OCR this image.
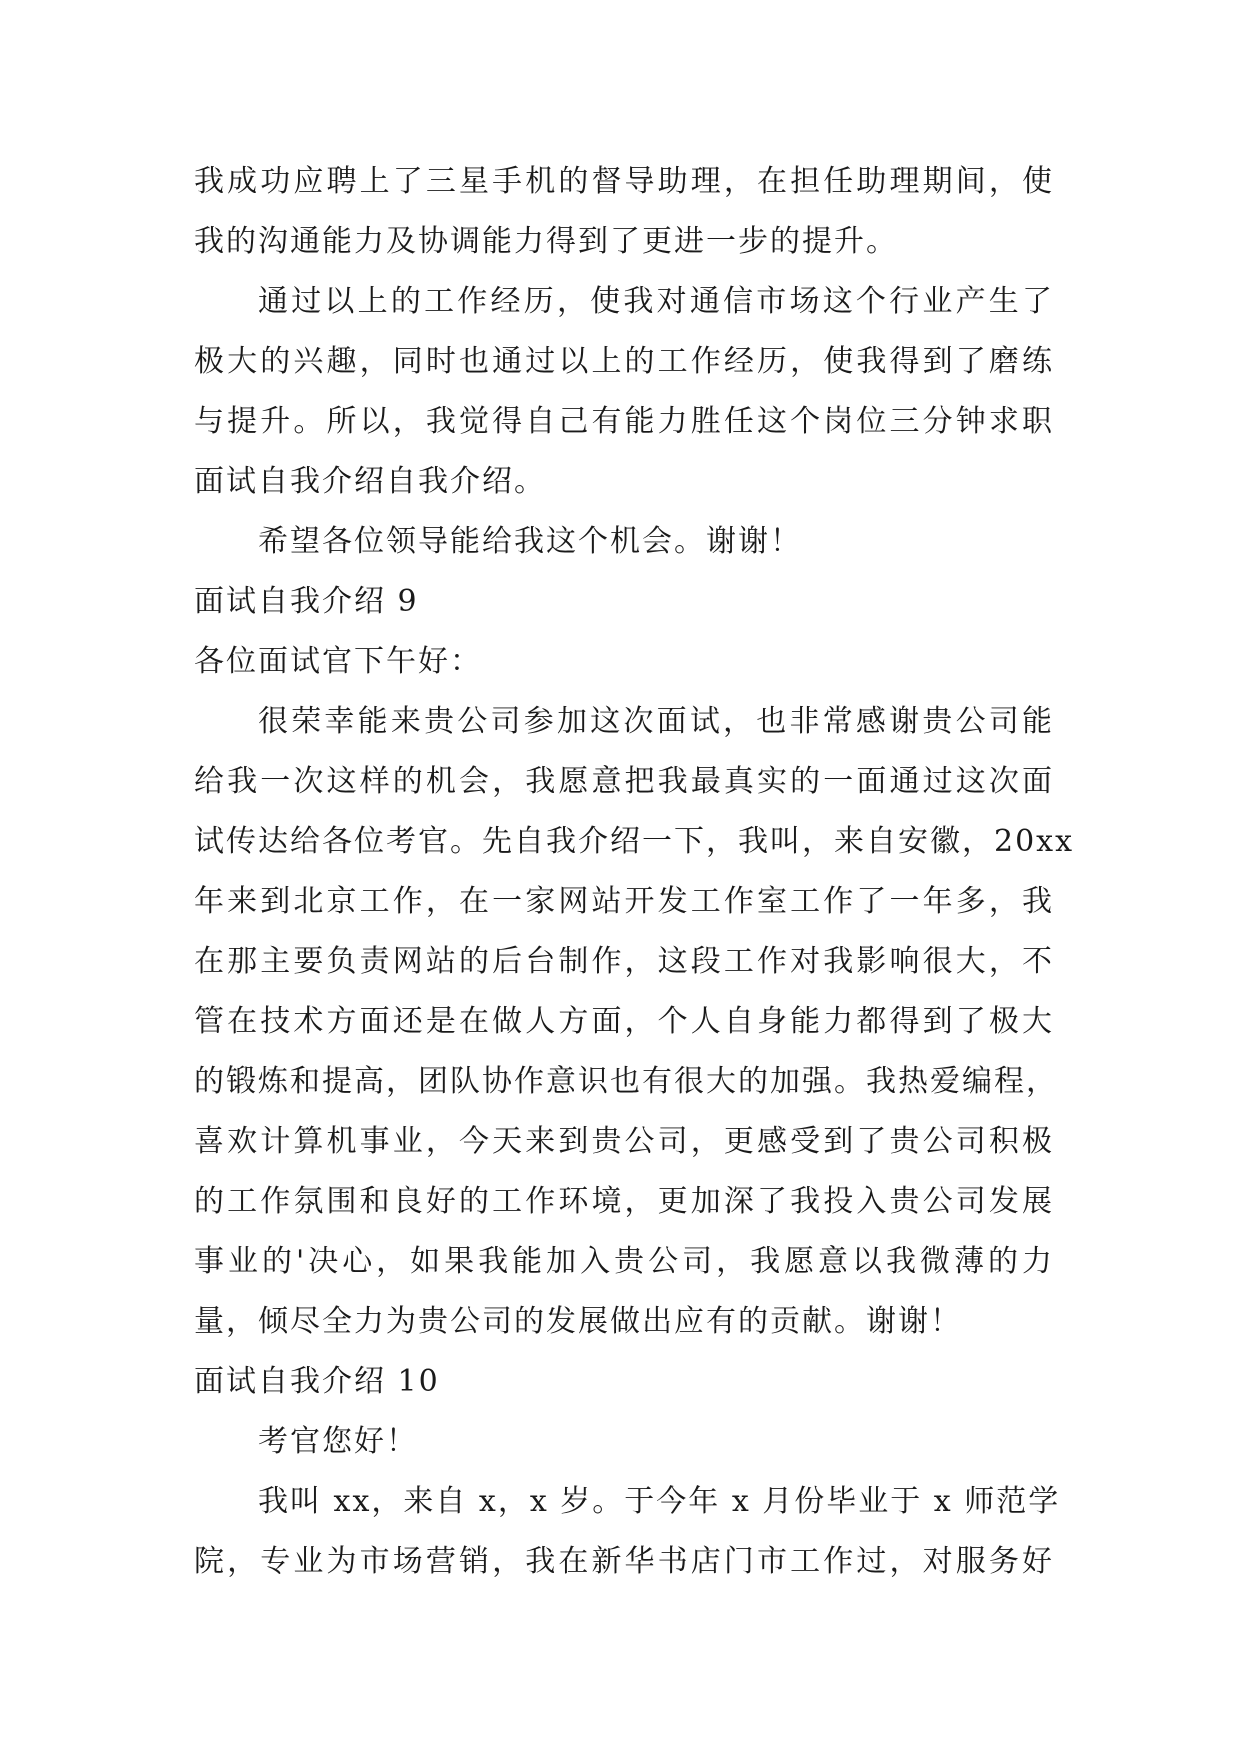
我成功应聘上了三星手机的督导助理，在担任助理期间，使
我的沟通能力及协调能力得到了更进一步的提升。
通过以上的工作经历，使我对通信市场这个行业产生了
极大的兴趣，同时也通过以上的工作经历，使我得到了磨练
与提升。所以，我觉得自己有能力胜任这个岗位三分钟求职
面试自我介绍自我介绍。
希望各位领导能给我这个机会。谢谢！
面试自我介绍 9
各位面试官下午好：
很荣幸能来贵公司参加这次面试，也非常感谢贵公司能
给我一次这样的机会，我愿意把我最真实的一面通过这次面
试传达给各位考官。先自我介绍一下，我叫，来自安徽，20xx
年来到北京工作，在一家网站开发工作室工作了一年多，我
在那主要负责网站的后台制作，这段工作对我影响很大，不
管在技术方面还是在做人方面，个人自身能力都得到了极大
的锻炼和提高，团队协作意识也有很大的加强。我热爱编程，
喜欢计算机事业，今天来到贵公司，更感受到了贵公司积极
的工作氛围和良好的工作环境，更加深了我投入贵公司发展
事业的'决心，如果我能加入贵公司，我愿意以我微薄的力
量，倾尽全力为贵公司的发展做出应有的贡献。谢谢！
面试自我介绍 10
考官您好！
我叫 xx，来自 x，x 岁。于今年 x 月份毕业于 x 师范学
院，专业为市场营销，我在新华书店门市工作过，对服务好
